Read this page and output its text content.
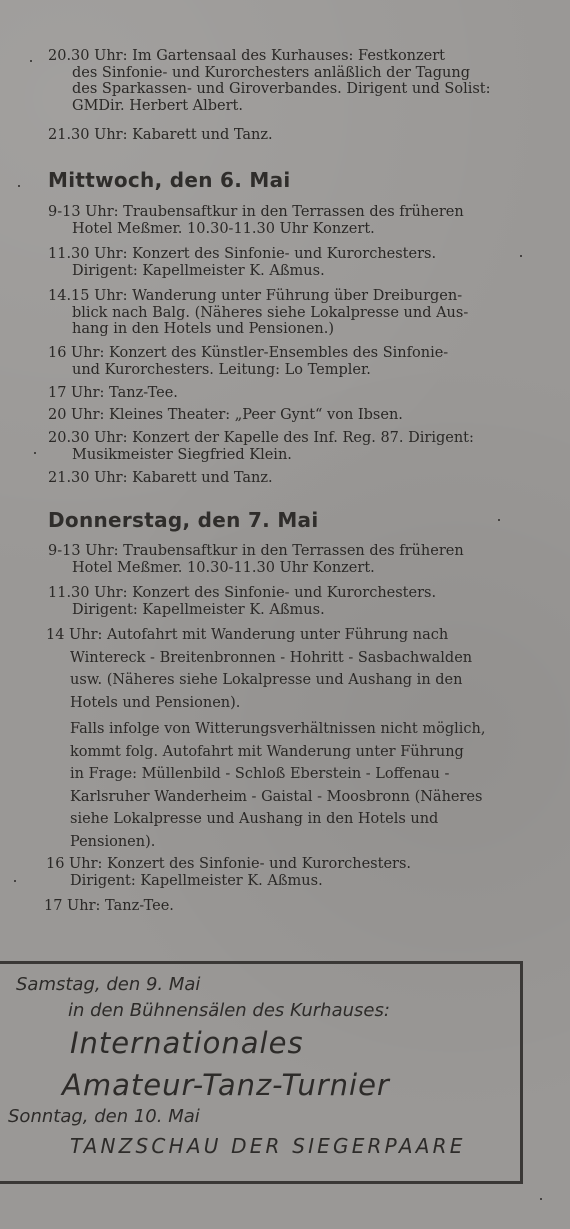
20.30 Uhr: Im Gartensaal des Kurhauses: Festkonzert
des Sinfonie- und Kurorchesters anläßlich der Tagung
des Sparkassen- und Giroverbandes. Dirigent und Solist:
GMDir. Herbert Albert.
21.30 Uhr: Kabarett und Tanz.
Mittwoch, den 6. Mai
9-13 Uhr: Traubensaftkur in den Terrassen des früheren
Hotel Meßmer. 10.30-11.30 Uhr Konzert.
11.30 Uhr: Konzert des Sinfonie- und Kurorchesters.
Dirigent: Kapellmeister K. Aßmus.
14.15 Uhr: Wanderung unter Führung über Dreiburgen-
blick nach Balg. (Näheres siehe Lokalpresse und Aus-
hang in den Hotels und Pensionen.)
16 Uhr: Konzert des Künstler-Ensembles des Sinfonie-
und Kurorchesters. Leitung: Lo Templer.
17 Uhr: Tanz-Tee.
20 Uhr: Kleines Theater: „Peer Gynt“ von Ibsen.
20.30 Uhr: Konzert der Kapelle des Inf. Reg. 87. Dirigent:
Musikmeister Siegfried Klein.
21.30 Uhr: Kabarett und Tanz.
Donnerstag, den 7. Mai
9-13 Uhr: Traubensaftkur in den Terrassen des früheren
Hotel Meßmer. 10.30-11.30 Uhr Konzert.
11.30 Uhr: Konzert des Sinfonie- und Kurorchesters.
Dirigent: Kapellmeister K. Aßmus.
14 Uhr: Autofahrt mit Wanderung unter Führung nach
Wintereck - Breitenbronnen - Hohritt - Sasbachwalden
usw. (Näheres siehe Lokalpresse und Aushang in den
Hotels und Pensionen).
Falls infolge von Witterungsverhältnissen nicht möglich,
kommt folg. Autofahrt mit Wanderung unter Führung
in Frage: Müllenbild - Schloß Eberstein - Loffenau -
Karlsruher Wanderheim - Gaistal - Moosbronn (Näheres
siehe Lokalpresse und Aushang in den Hotels und
Pensionen).
16 Uhr: Konzert des Sinfonie- und Kurorchesters.
Dirigent: Kapellmeister K. Aßmus.
17 Uhr: Tanz-Tee.
Samstag, den 9. Mai
in den Bühnensälen des Kurhauses:
Internationales
Amateur-Tanz-Turnier
Sonntag, den 10. Mai
TANZSCHAU DER SIEGERPAARE
